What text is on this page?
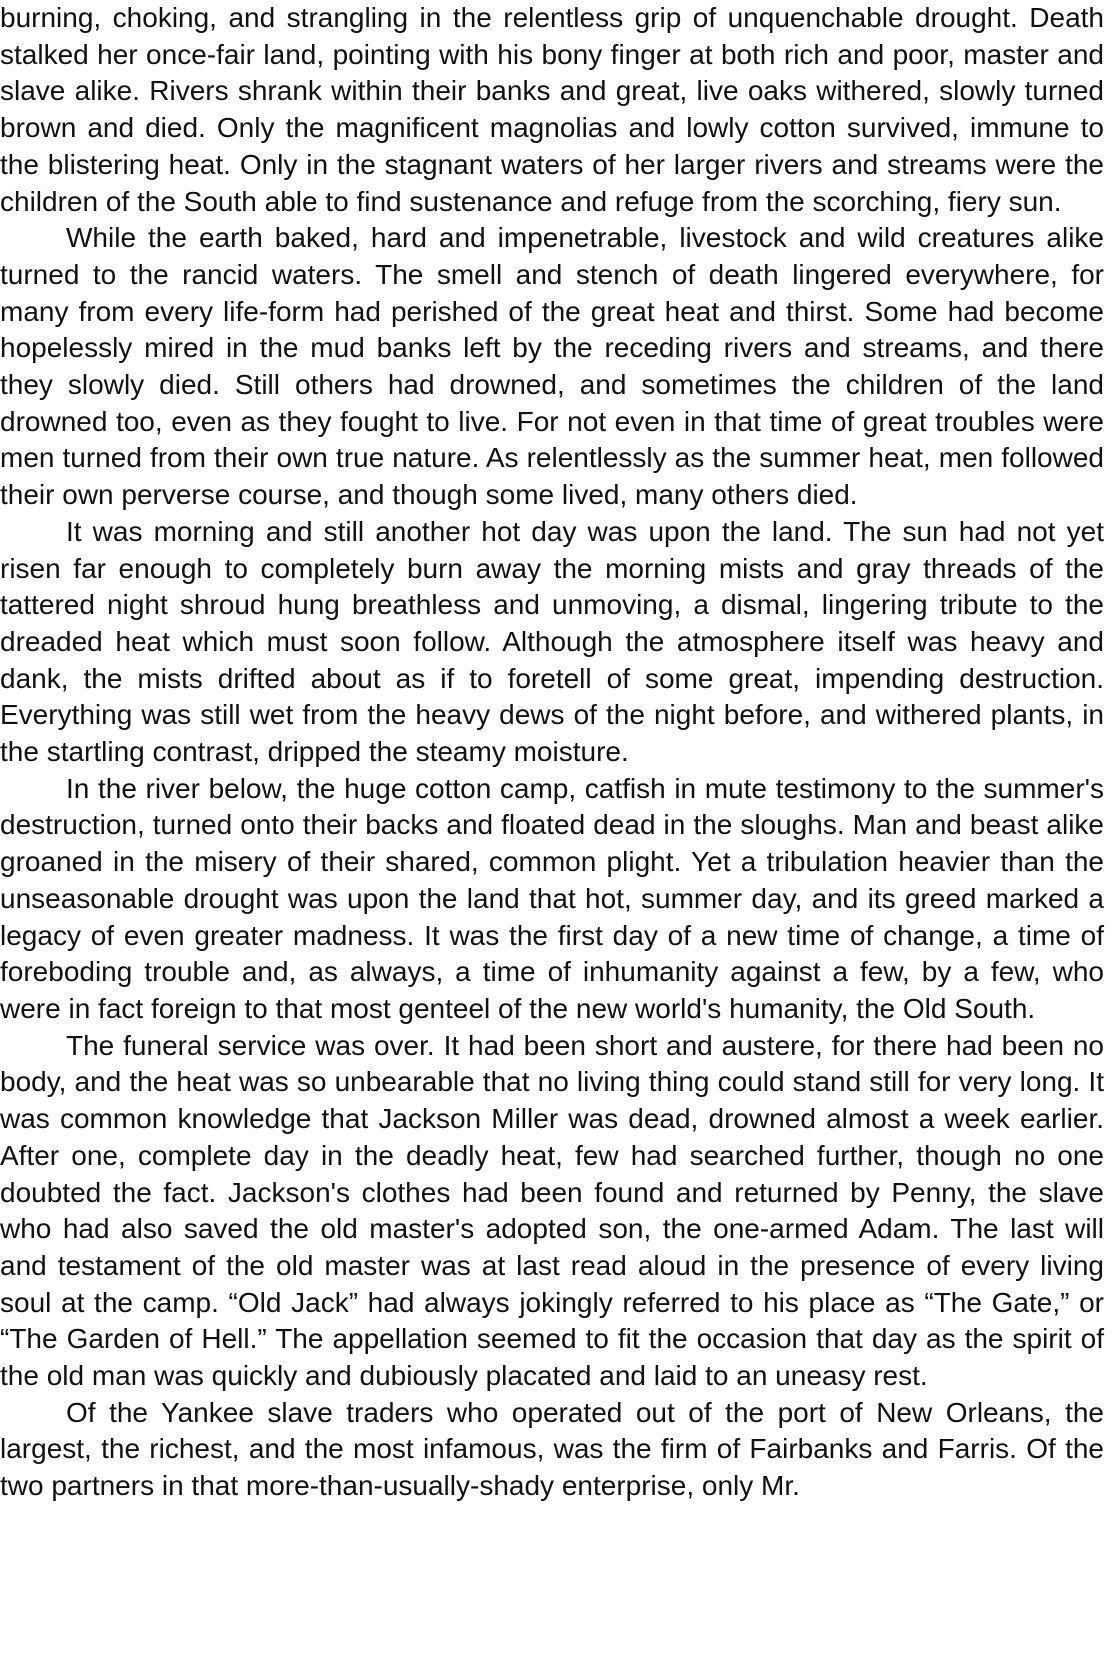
burning, choking, and strangling in the relentless grip of unquenchable drought. Death stalked her once-fair land, pointing with his bony finger at both rich and poor, master and slave alike. Rivers shrank within their banks and great, live oaks withered, slowly turned brown and died. Only the magnificent magnolias and lowly cotton survived, immune to the blistering heat. Only in the stagnant waters of her larger rivers and streams were the children of the South able to find sustenance and refuge from the scorching, fiery sun.

While the earth baked, hard and impenetrable, livestock and wild creatures alike turned to the rancid waters. The smell and stench of death lingered everywhere, for many from every life-form had perished of the great heat and thirst. Some had become hopelessly mired in the mud banks left by the receding rivers and streams, and there they slowly died. Still others had drowned, and sometimes the children of the land drowned too, even as they fought to live. For not even in that time of great troubles were men turned from their own true nature. As relentlessly as the summer heat, men followed their own perverse course, and though some lived, many others died.

It was morning and still another hot day was upon the land. The sun had not yet risen far enough to completely burn away the morning mists and gray threads of the tattered night shroud hung breathless and unmoving, a dismal, lingering tribute to the dreaded heat which must soon follow. Although the atmosphere itself was heavy and dank, the mists drifted about as if to foretell of some great, impending destruction. Everything was still wet from the heavy dews of the night before, and withered plants, in the startling contrast, dripped the steamy moisture.

In the river below, the huge cotton camp, catfish in mute testimony to the summer's destruction, turned onto their backs and floated dead in the sloughs. Man and beast alike groaned in the misery of their shared, common plight. Yet a tribulation heavier than the unseasonable drought was upon the land that hot, summer day, and its greed marked a legacy of even greater madness. It was the first day of a new time of change, a time of foreboding trouble and, as always, a time of inhumanity against a few, by a few, who were in fact foreign to that most genteel of the new world's humanity, the Old South.

The funeral service was over. It had been short and austere, for there had been no body, and the heat was so unbearable that no living thing could stand still for very long. It was common knowledge that Jackson Miller was dead, drowned almost a week earlier. After one, complete day in the deadly heat, few had searched further, though no one doubted the fact. Jackson's clothes had been found and returned by Penny, the slave who had also saved the old master's adopted son, the one-armed Adam. The last will and testament of the old master was at last read aloud in the presence of every living soul at the camp. “Old Jack” had always jokingly referred to his place as “The Gate,” or “The Garden of Hell.” The appellation seemed to fit the occasion that day as the spirit of the old man was quickly and dubiously placated and laid to an uneasy rest.

Of the Yankee slave traders who operated out of the port of New Orleans, the largest, the richest, and the most infamous, was the firm of Fairbanks and Farris. Of the two partners in that more-than-usually-shady enterprise, only Mr.
